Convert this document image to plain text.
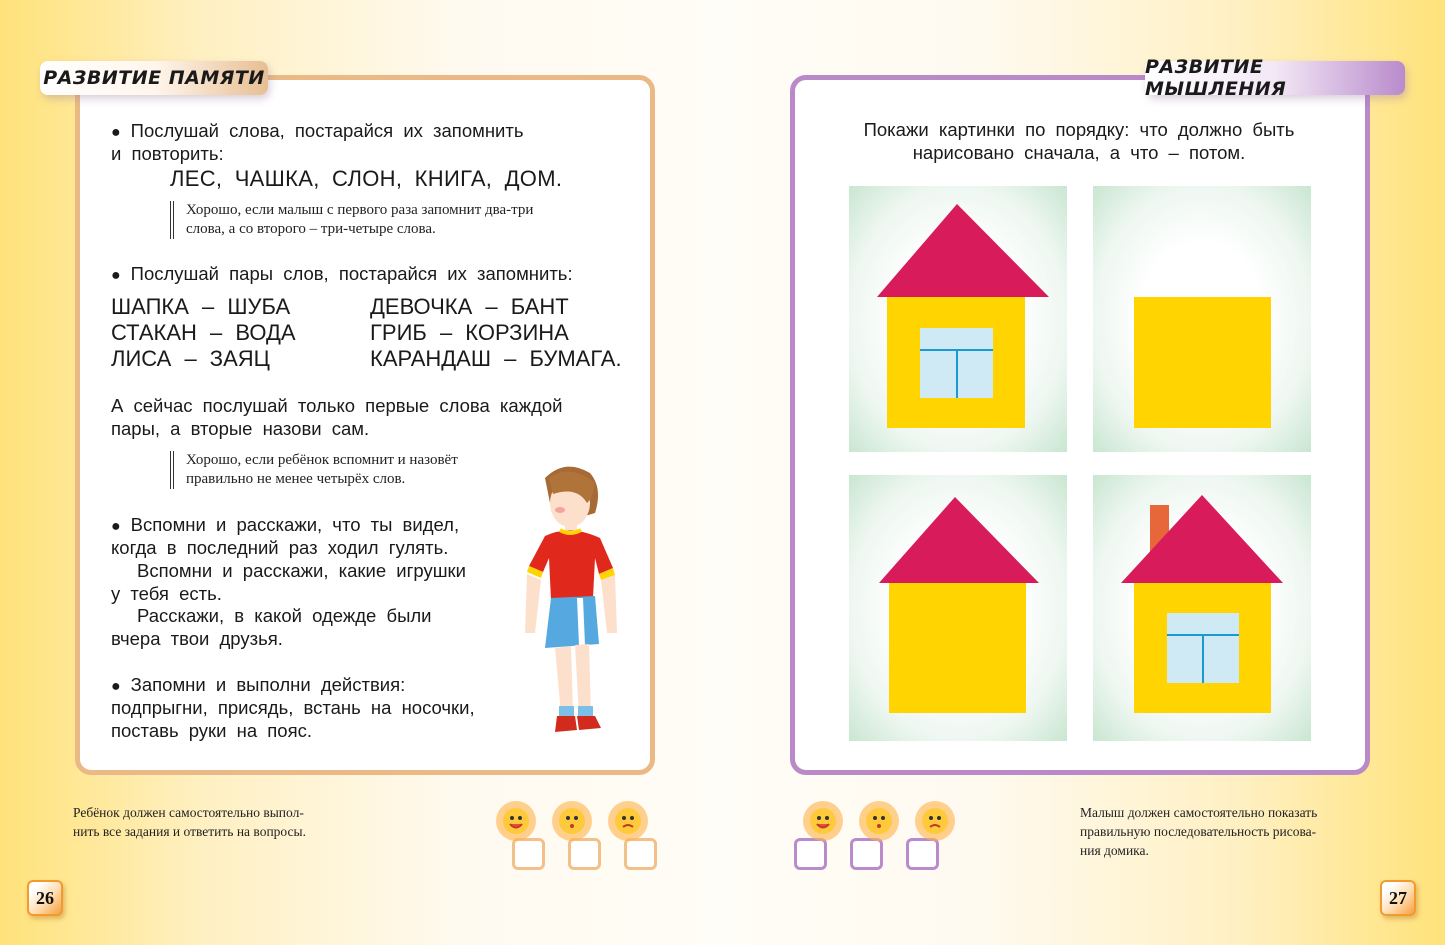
РАЗВИТИЕ ПАМЯТИ
● Послушай слова, постарайся их запомнить
и повторить:
ЛЕС, ЧАШКА, СЛОН, КНИГА, ДОМ.
Хорошо, если малыш с первого раза запомнит два-три
слова, а со второго – три-четыре слова.
● Послушай пары слов, постарайся их запомнить:
ШАПКА – ШУБА
СТАКАН – ВОДА
ЛИСА – ЗАЯЦ
ДЕВОЧКА – БАНТ
ГРИБ – КОРЗИНА
КАРАНДАШ – БУМАГА.
А сейчас послушай только первые слова каждой
пары, а вторые назови сам.
Хорошо, если ребёнок вспомнит и назовёт
правильно не менее четырёх слов.
● Вспомни и расскажи, что ты видел,
когда в последний раз ходил гулять.
Вспомни и расскажи, какие игрушки
у тебя есть.
Расскажи, в какой одежде были
вчера твои друзья.
● Запомни и выполни действия:
подпрыгни, присядь, встань на носочки,
поставь руки на пояс.
Ребёнок должен самостоятельно выпол-
нить все задания и ответить на вопросы.
26
РАЗВИТИЕ МЫШЛЕНИЯ
Покажи картинки по порядку: что должно быть
нарисовано сначала, а что – потом.
Малыш должен самостоятельно показать
правильную последовательность рисова-
ния домика.
27
